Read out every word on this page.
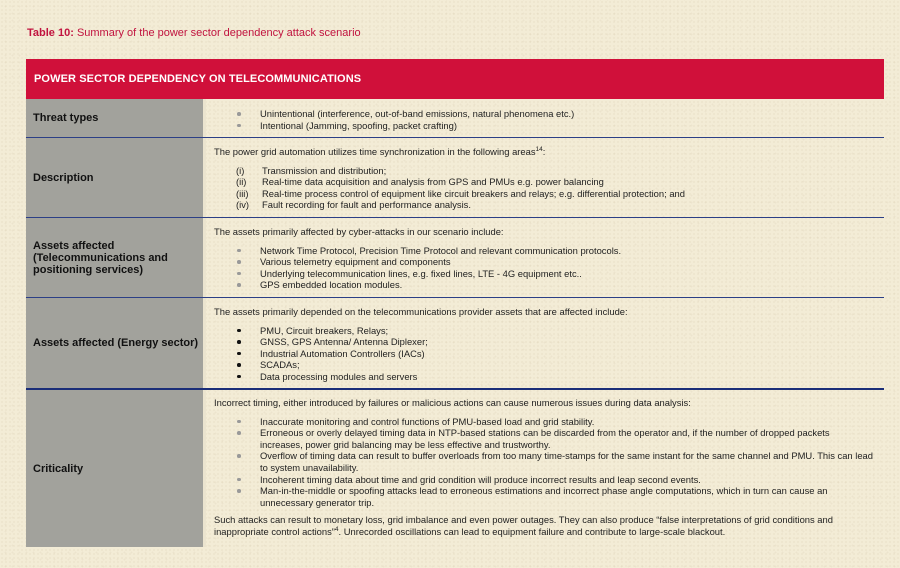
Table 10: Summary of the power sector dependency attack scenario
POWER SECTOR DEPENDENCY ON TELECOMMUNICATIONS
Threat types	Unintentional (interference, out-of-band emissions, natural phenomena etc.)
Intentional (Jamming, spoofing, packet crafting)
Description

The power grid automation utilizes time synchronization in the following areas$^{14}$:

(i) Transmission and distribution;
(ii) Real-time data acquisition and analysis from GPS and PMUs e.g. power balancing
(iii) Real-time process control of equipment like circuit breakers and relays; e.g. differential protection; and
(iv) Fault recording for fault and performance analysis.
Assets affected (Telecommunications and positioning services)

The assets primarily affected by cyber-attacks in our scenario include:

Network Time Protocol, Precision Time Protocol and relevant communication protocols.
Various telemetry equipment and components
Underlying telecommunication lines, e.g. fixed lines, LTE - 4G equipment etc..
GPS embedded location modules.
Assets affected (Energy sector)

The assets primarily depended on the telecommunications provider assets that are affected include:

PMU, Circuit breakers, Relays;
GNSS, GPS Antenna/ Antenna Diplexer;
Industrial Automation Controllers (IACs)
SCADAs;
Data processing modules and servers
Criticality

Incorrect timing, either introduced by failures or malicious actions can cause numerous issues during data analysis:

Inaccurate monitoring and control functions of PMU-based load and grid stability.
Erroneous or overly delayed timing data in NTP-based stations can be discarded from the operator and, if the number of dropped packets increases, power grid balancing may be less effective and trustworthy.
Overflow of timing data can result to buffer overloads from too many time-stamps for the same instant for the same channel and PMU. This can lead to system unavailability.
Incoherent timing data about time and grid condition will produce incorrect results and leap second events.
Man-in-the-middle or spoofing attacks lead to erroneous estimations and incorrect phase angle computations, which in turn can cause an unnecessary generator trip.

Such attacks can result to monetary loss, grid imbalance and even power outages. They can also produce “false interpretations of grid conditions and inappropriate control actions”$^4$. Unrecorded oscillations can lead to equipment failure and contribute to large-scale blackout.
